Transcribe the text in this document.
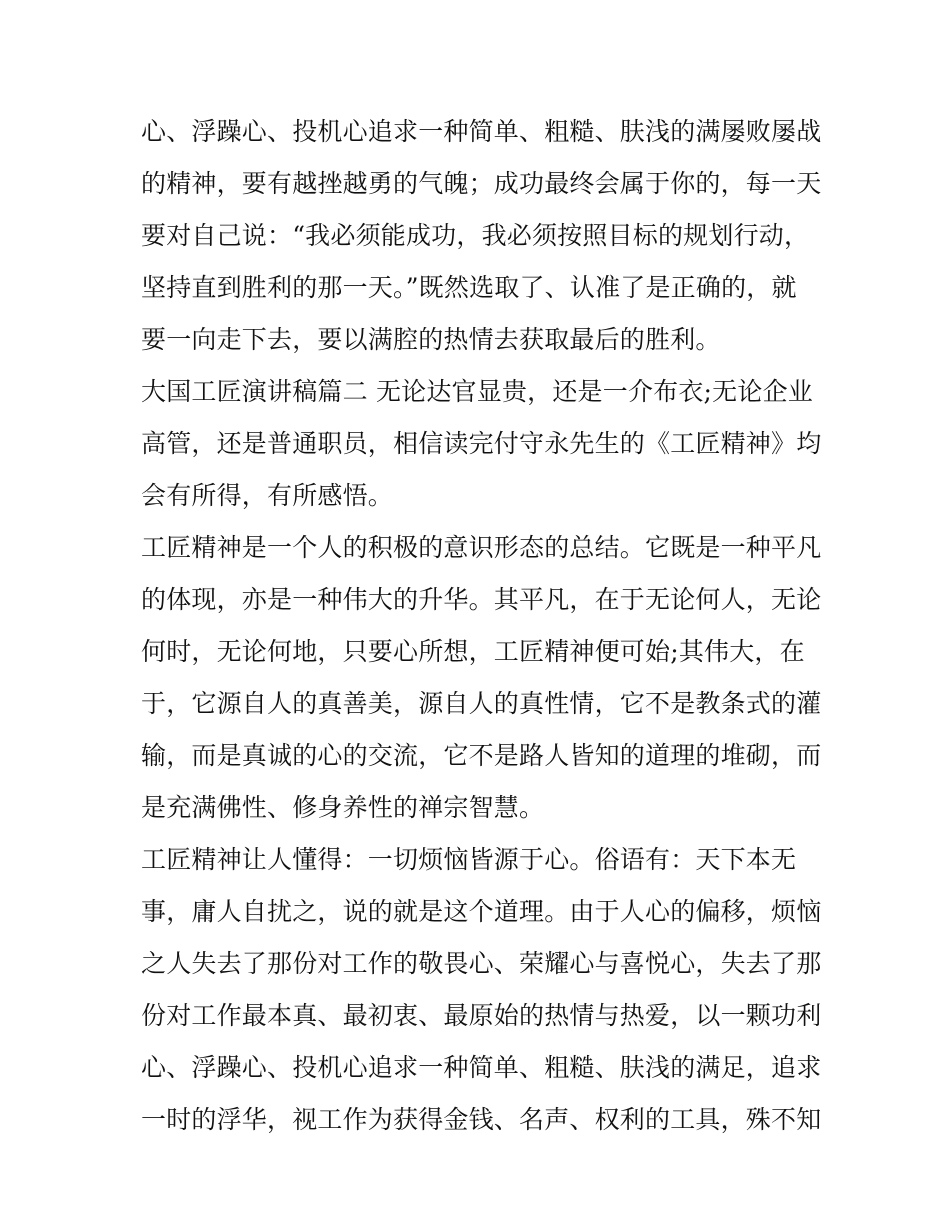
心、浮躁心、投机心追求一种简单、粗糙、肤浅的满屡败屡战
的精神，要有越挫越勇的气魄；成功最终会属于你的，每一天
要对自己说：“我必须能成功，我必须按照目标的规划行动，
坚持直到胜利的那一天。”既然选取了、认准了是正确的，就
要一向走下去，要以满腔的热情去获取最后的胜利。
大国工匠演讲稿篇二 无论达官显贵，还是一介布衣;无论企业
高管，还是普通职员，相信读完付守永先生的《工匠精神》均
会有所得，有所感悟。
工匠精神是一个人的积极的意识形态的总结。它既是一种平凡
的体现，亦是一种伟大的升华。其平凡，在于无论何人，无论
何时，无论何地，只要心所想，工匠精神便可始;其伟大，在
于，它源自人的真善美，源自人的真性情，它不是教条式的灌
输，而是真诚的心的交流，它不是路人皆知的道理的堆砌，而
是充满佛性、修身养性的禅宗智慧。
工匠精神让人懂得：一切烦恼皆源于心。俗语有：天下本无
事，庸人自扰之，说的就是这个道理。由于人心的偏移，烦恼
之人失去了那份对工作的敬畏心、荣耀心与喜悦心，失去了那
份对工作最本真、最初衷、最原始的热情与热爱，以一颗功利
心、浮躁心、投机心追求一种简单、粗糙、肤浅的满足，追求
一时的浮华，视工作为获得金钱、名声、权利的工具，殊不知
